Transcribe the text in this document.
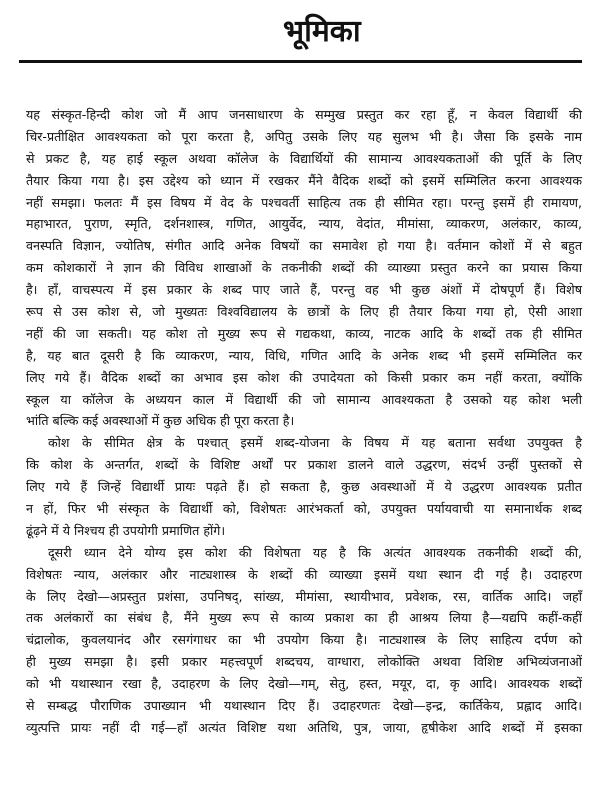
भूमिका

यह संस्कृत-हिन्दी कोश जो मैं आप जनसाधारण के सम्मुख प्रस्तुत कर रहा हूँ, न केवल विद्यार्थी की
चिर-प्रतीक्षित आवश्यकता को पूरा करता है, अपितु उसके लिए यह सुलभ भी है। जैसा कि इसके नाम
से प्रकट है, यह हाई स्कूल अथवा कॉलेज के विद्यार्थियों की सामान्य आवश्यकताओं की पूर्ति के लिए
तैयार किया गया है। इस उद्देश्य को ध्यान में रखकर मैंने वैदिक शब्दों को इसमें सम्मिलित करना आवश्यक
नहीं समझा। फलतः मैं इस विषय में वेद के पश्चवर्ती साहित्य तक ही सीमित रहा। परन्तु इसमें ही रामायण,
महाभारत, पुराण, स्मृति, दर्शनशास्त्र, गणित, आयुर्वेद, न्याय, वेदांत, मीमांसा, व्याकरण, अलंकार, काव्य,
वनस्पति विज्ञान, ज्योतिष, संगीत आदि अनेक विषयों का समावेश हो गया है। वर्तमान कोशों में से बहुत
कम कोशकारों ने ज्ञान की विविध शाखाओं के तकनीकी शब्दों की व्याख्या प्रस्तुत करने का प्रयास किया
है। हाँ, वाचस्पत्य में इस प्रकार के शब्द पाए जाते हैं, परन्तु वह भी कुछ अंशों में दोषपूर्ण हैं। विशेष
रूप से उस कोश से, जो मुख्यतः विश्वविद्यालय के छात्रों के लिए ही तैयार किया गया हो, ऐसी आशा
नहीं की जा सकती। यह कोश तो मुख्य रूप से गद्यकथा, काव्य, नाटक आदि के शब्दों तक ही सीमित
है, यह बात दूसरी है कि व्याकरण, न्याय, विधि, गणित आदि के अनेक शब्द भी इसमें सम्मिलित कर
लिए गये हैं। वैदिक शब्दों का अभाव इस कोश की उपादेयता को किसी प्रकार कम नहीं करता, क्योंकि
स्कूल या कॉलेज के अध्ययन काल में विद्यार्थी की जो सामान्य आवश्यकता है उसको यह कोश भली
भांति बल्कि कई अवस्थाओं में कुछ अधिक ही पूरा करता है।

कोश के सीमित क्षेत्र के पश्चात् इसमें शब्द-योजना के विषय में यह बताना सर्वथा उपयुक्त है
कि कोश के अन्तर्गत, शब्दों के विशिष्ट अर्थों पर प्रकाश डालने वाले उद्धरण, संदर्भ उन्हीं पुस्तकों से
लिए गये हैं जिन्हें विद्यार्थी प्रायः पढ़ते हैं। हो सकता है, कुछ अवस्थाओं में ये उद्धरण आवश्यक प्रतीत
न हों, फिर भी संस्कृत के विद्यार्थी को, विशेषतः आरंभकर्ता को, उपयुक्त पर्यायवाची या समानार्थक शब्द
ढूंढ़ने में ये निश्चय ही उपयोगी प्रमाणित होंगे।

दूसरी ध्यान देने योग्य इस कोश की विशेषता यह है कि अत्यंत आवश्यक तकनीकी शब्दों की,
विशेषतः न्याय, अलंकार और नाट्यशास्त्र के शब्दों की व्याख्या इसमें यथा स्थान दी गई है। उदाहरण
के लिए देखो—अप्रस्तुत प्रशंसा, उपनिषद्, सांख्य, मीमांसा, स्थायीभाव, प्रवेशक, रस, वार्तिक आदि। जहाँ
तक अलंकारों का संबंध है, मैंने मुख्य रूप से काव्य प्रकाश का ही आश्रय लिया है—यद्यपि कहीं-कहीं
चंद्रालोक, कुवलयानंद और रसगंगाधर का भी उपयोग किया है। नाट्यशास्त्र के लिए साहित्य दर्पण को
ही मुख्य समझा है। इसी प्रकार महत्त्वपूर्ण शब्दचय, वाग्धारा, लोकोक्ति अथवा विशिष्ट अभिव्यंजनाओं
को भी यथास्थान रखा है, उदाहरण के लिए देखो—गम्, सेतु, हस्त, मयूर, दा, कृ आदि। आवश्यक शब्दों
से सम्बद्ध पौराणिक उपाख्यान भी यथास्थान दिए हैं। उदाहरणतः देखो—इन्द्र, कार्तिकेय, प्रह्लाद आदि।
व्युत्पत्ति प्रायः नहीं दी गई—हाँ अत्यंत विशिष्ट यथा अतिथि, पुत्र, जाया, हृषीकेश आदि शब्दों में इसका
